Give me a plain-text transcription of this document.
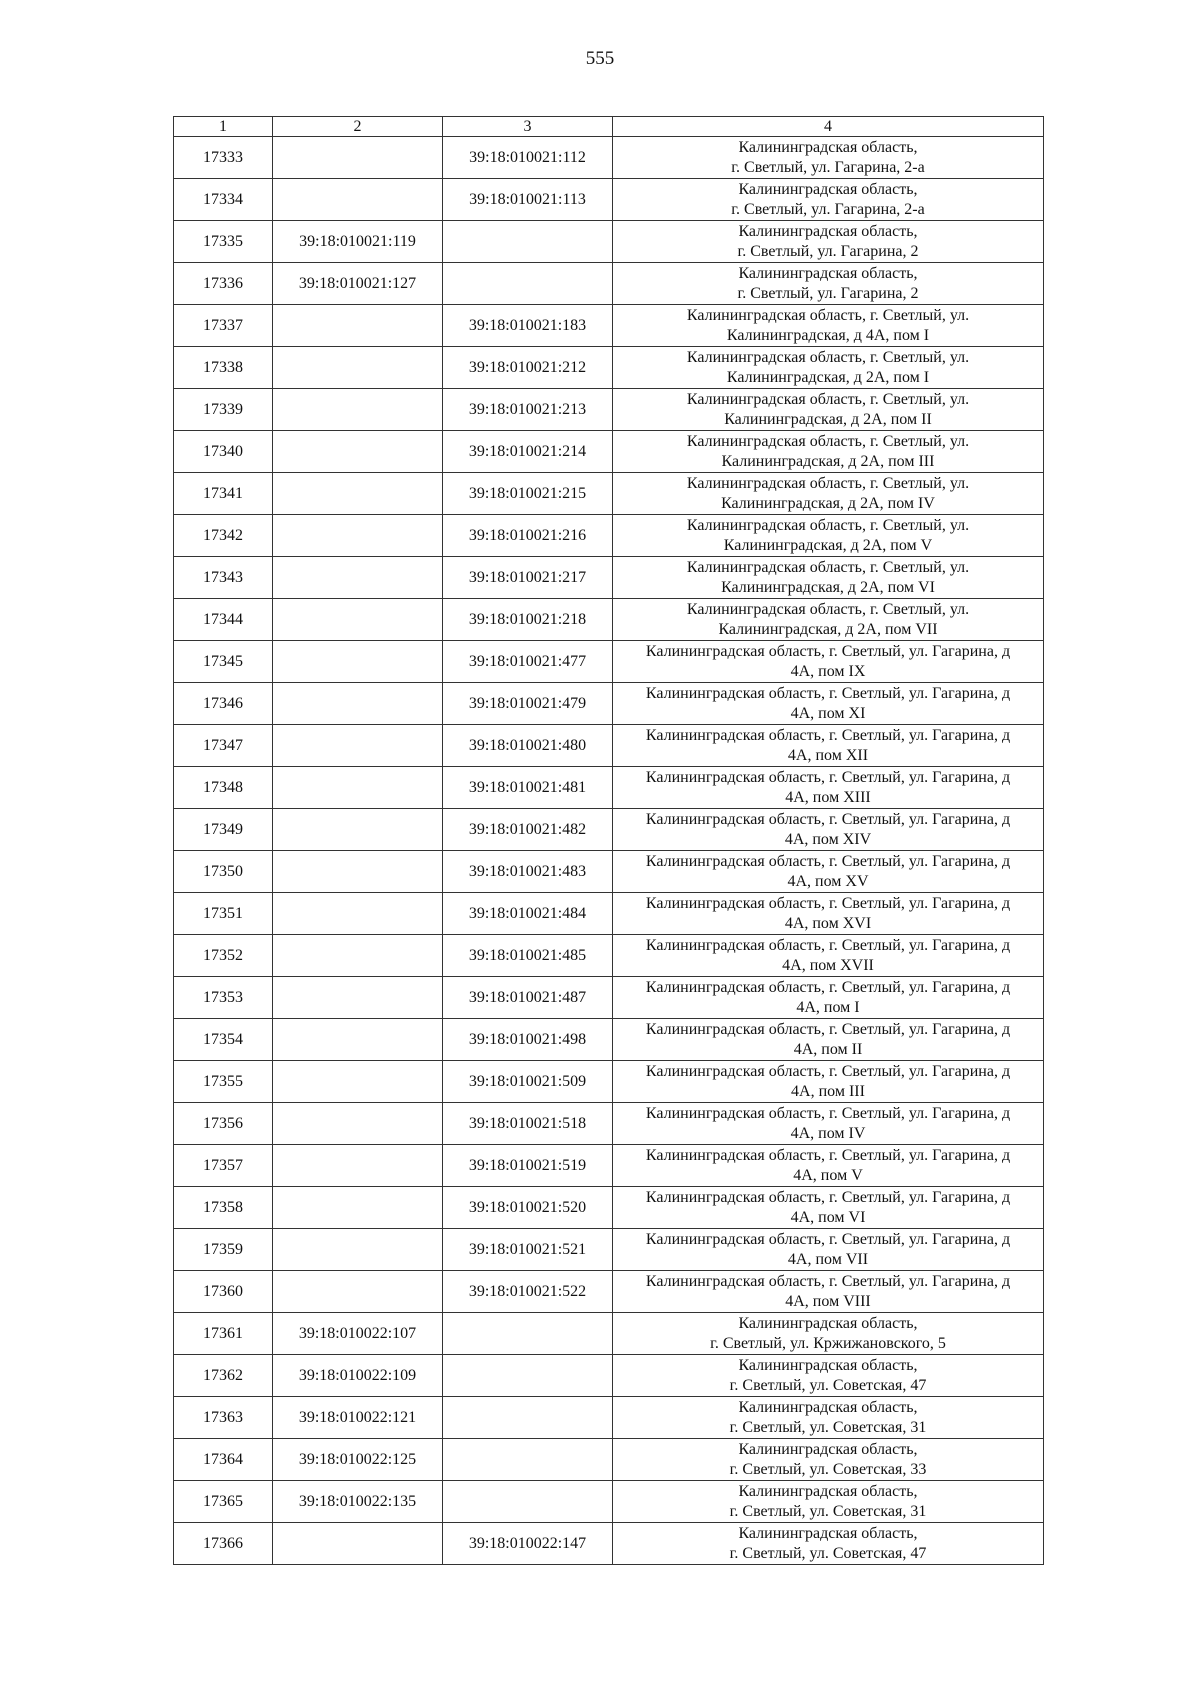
555
1	2	3	4
17333		39:18:010021:112	Калининградская область,
г. Светлый, ул. Гагарина, 2-а

17334		39:18:010021:113	Калининградская область,
г. Светлый, ул. Гагарина, 2-а

17335	39:18:010021:119		Калининградская область,
г. Светлый, ул. Гагарина, 2

17336	39:18:010021:127		Калининградская область,
г. Светлый, ул. Гагарина, 2

17337		39:18:010021:183	Калининградская область, г. Светлый, ул.
Калининградская, д 4А, пом I

17338		39:18:010021:212	Калининградская область, г. Светлый, ул.
Калининградская, д 2А, пом I

17339		39:18:010021:213	Калининградская область, г. Светлый, ул.
Калининградская, д 2А, пом II

17340		39:18:010021:214	Калининградская область, г. Светлый, ул.
Калининградская, д 2А, пом III

17341		39:18:010021:215	Калининградская область, г. Светлый, ул.
Калининградская, д 2А, пом IV

17342		39:18:010021:216	Калининградская область, г. Светлый, ул.
Калининградская, д 2А, пом V

17343		39:18:010021:217	Калининградская область, г. Светлый, ул.
Калининградская, д 2А, пом VI

17344		39:18:010021:218	Калининградская область, г. Светлый, ул.
Калининградская, д 2А, пом VII

17345		39:18:010021:477	Калининградская область, г. Светлый, ул. Гагарина, д
4А, пом IX

17346		39:18:010021:479	Калининградская область, г. Светлый, ул. Гагарина, д
4А, пом XI

17347		39:18:010021:480	Калининградская область, г. Светлый, ул. Гагарина, д
4А, пом XII

17348		39:18:010021:481	Калининградская область, г. Светлый, ул. Гагарина, д
4А, пом XIII

17349		39:18:010021:482	Калининградская область, г. Светлый, ул. Гагарина, д
4А, пом XIV

17350		39:18:010021:483	Калининградская область, г. Светлый, ул. Гагарина, д
4А, пом XV

17351		39:18:010021:484	Калининградская область, г. Светлый, ул. Гагарина, д
4А, пом XVI

17352		39:18:010021:485	Калининградская область, г. Светлый, ул. Гагарина, д
4А, пом XVII

17353		39:18:010021:487	Калининградская область, г. Светлый, ул. Гагарина, д
4А, пом I

17354		39:18:010021:498	Калининградская область, г. Светлый, ул. Гагарина, д
4А, пом II

17355		39:18:010021:509	Калининградская область, г. Светлый, ул. Гагарина, д
4А, пом III

17356		39:18:010021:518	Калининградская область, г. Светлый, ул. Гагарина, д
4А, пом IV

17357		39:18:010021:519	Калининградская область, г. Светлый, ул. Гагарина, д
4А, пом V

17358		39:18:010021:520	Калининградская область, г. Светлый, ул. Гагарина, д
4А, пом VI

17359		39:18:010021:521	Калининградская область, г. Светлый, ул. Гагарина, д
4А, пом VII

17360		39:18:010021:522	Калининградская область, г. Светлый, ул. Гагарина, д
4А, пом VIII

17361	39:18:010022:107		Калининградская область,
г. Светлый, ул. Кржижановского, 5

17362	39:18:010022:109		Калининградская область,
г. Светлый, ул. Советская, 47

17363	39:18:010022:121		Калининградская область,
г. Светлый, ул. Советская, 31

17364	39:18:010022:125		Калининградская область,
г. Светлый, ул. Советская, 33

17365	39:18:010022:135		Калининградская область,
г. Светлый, ул. Советская, 31

17366		39:18:010022:147	Калининградская область,
г. Светлый, ул. Советская, 47
